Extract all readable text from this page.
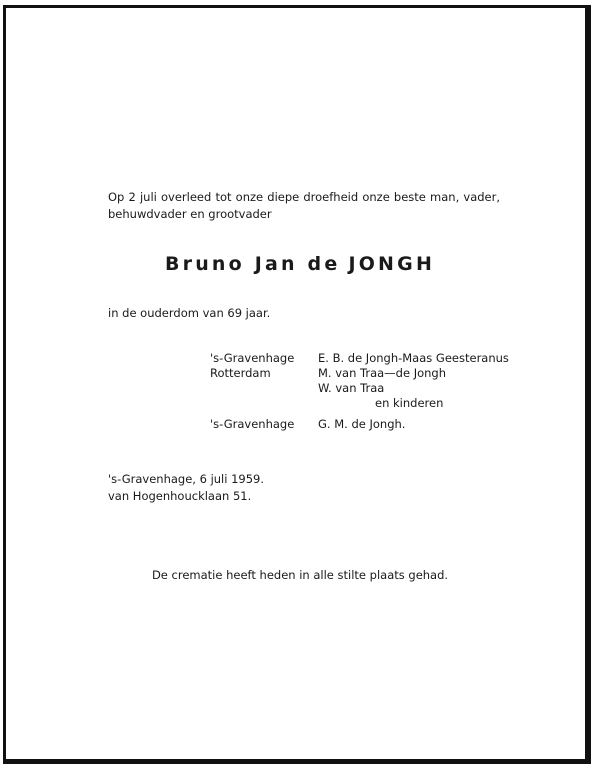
Op 2 juli overleed tot onze diepe droefheid onze beste man, vader,
behuwdvader en grootvader
Bruno Jan de JONGH
in de ouderdom van 69 jaar.
's-Gravenhage E. B. de Jongh-Maas Geesteranus
Rotterdam	M. van Traa—de Jongh
W. van Traa
en kinderen
's-Gravenhage G. M. de Jongh.
's-Gravenhage, 6 juli 1959.
van Hogenhoucklaan 51.
De crematie heeft heden in alle stilte plaats gehad.
